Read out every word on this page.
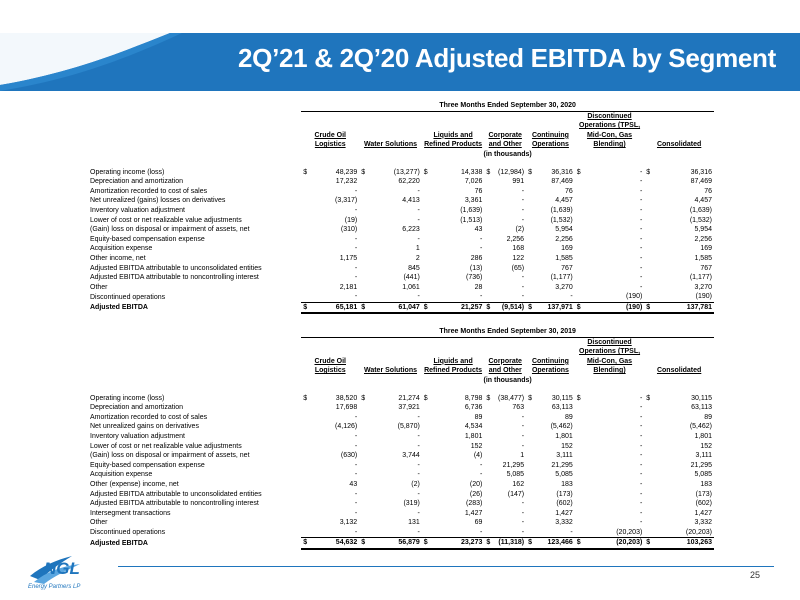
2Q’21 & 2Q’20 Adjusted EBITDA by Segment
	Three Months Ended September 30, 2020													
	Crude Oil Logistics		Water Solutions		Liquids and Refined Products		Corporate and Other		Continuing Operations		Discontinued Operations (TPSL, Mid-Con, Gas Blending)		Consolidated	
	(in thousands)													

Operating income (loss)	$	48,239	$	(13,277)	$	14,338	$	(12,984)	$	36,316	$	-	$	36,316
Depreciation and amortization		17,232		62,220		7,026		991		87,469		-		87,469
Amortization recorded to cost of sales		-		-		76		-		76		-		76
Net unrealized (gains) losses on derivatives		(3,317)		4,413		3,361		-		4,457		-		4,457
Inventory valuation adjustment		-		-		(1,639)		-		(1,639)		-		(1,639)
Lower of cost or net realizable value adjustments		(19)		-		(1,513)		-		(1,532)		-		(1,532)
(Gain) loss on disposal or impairment of assets, net		(310)		6,223		43		(2)		5,954		-		5,954
Equity-based compensation expense		-		-		-		2,256		2,256		-		2,256
Acquisition expense		-		1		-		168		169		-		169
Other income, net		1,175		2		286		122		1,585		-		1,585
Adjusted EBITDA attributable to unconsolidated entities		-		845		(13)		(65)		767		-		767
Adjusted EBITDA attributable to noncontrolling interest		-		(441)		(736)		-		(1,177)		-		(1,177)
Other		2,181		1,061		28		-		3,270		-		3,270
Discontinued operations		-		-		-		-		-		(190)		(190)
Adjusted EBITDA	$	65,181	$	61,047	$	21,257	$	(9,514)	$	137,971	$	(190)	$	137,781
	Three Months Ended September 30, 2019													
	Crude Oil Logistics		Water Solutions		Liquids and Refined Products		Corporate and Other		Continuing Operations		Discontinued Operations (TPSL, Mid-Con, Gas Blending)		Consolidated	
	(in thousands)													

Operating income (loss)	$	38,520	$	21,274	$	8,798	$	(38,477)	$	30,115	$	-	$	30,115
Depreciation and amortization		17,698		37,921		6,736		763		63,113		-		63,113
Amortization recorded to cost of sales		-		-		89		-		89		-		89
Net unrealized gains on derivatives		(4,126)		(5,870)		4,534		-		(5,462)		-		(5,462)
Inventory valuation adjustment		-		-		1,801		-		1,801		-		1,801
Lower of cost or net realizable value adjustments		-		-		152		-		152		-		152
(Gain) loss on disposal or impairment of assets, net		(630)		3,744		(4)		1		3,111		-		3,111
Equity-based compensation expense		-		-		-		21,295		21,295		-		21,295
Acquisition expense		-		-		-		5,085		5,085		-		5,085
Other (expense) income, net		43		(2)		(20)		162		183		-		183
Adjusted EBITDA attributable to unconsolidated entities		-		-		(26)		(147)		(173)		-		(173)
Adjusted EBITDA attributable to noncontrolling interest		-		(319)		(283)		-		(602)		-		(602)
Intersegment transactions		-		-		1,427		-		1,427		-		1,427
Other		3,132		131		69		-		3,332		-		3,332
Discontinued operations		-		-		-		-		-		(20,203)		(20,203)
Adjusted EBITDA	$	54,632	$	56,879	$	23,273	$	(11,318)	$	123,466	$	(20,203)	$	103,263
NGL
Energy Partners LP
25
